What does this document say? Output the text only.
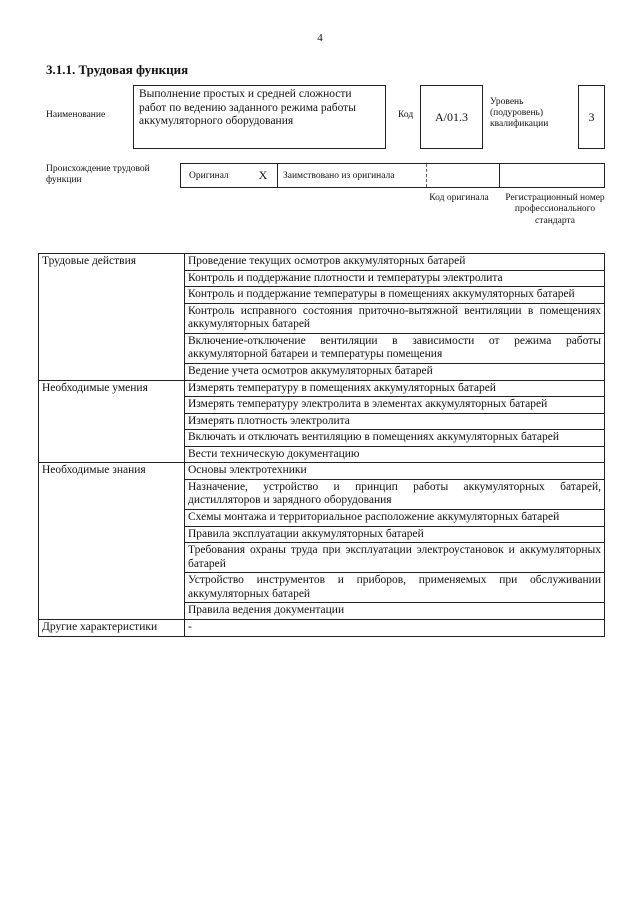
4
3.1.1. Трудовая функция
Наименование
Выполнение простых и средней сложности работ по ведению заданного режима работы аккумуляторного оборудования
Код	A/01.3
Уровень (подуровень) квалификации
3
Происхождение трудовой функции	Оригинал	X	Заимствовано из оригинала
Код оригинала Регистрационный номер профессионального стандарта
Трудовые действия	Проведение текущих осмотров аккумуляторных батарей
	Контроль и поддержание плотности и температуры электролита
	Контроль и поддержание температуры в помещениях аккумуляторных батарей
	Контроль исправного состояния приточно-вытяжной вентиляции в помещениях аккумуляторных батарей
	Включение-отключение вентиляции в зависимости от режима работы аккумуляторной батареи и температуры помещения
	Ведение учета осмотров аккумуляторных батарей
Необходимые умения	Измерять температуру в помещениях аккумуляторных батарей
	Измерять температуру электролита в элементах аккумуляторных батарей
	Измерять плотность электролита
	Включать и отключать вентиляцию в помещениях аккумуляторных батарей
	Вести техническую документацию
Необходимые знания	Основы электротехники
	Назначение, устройство и принцип работы аккумуляторных батарей, дистилляторов и зарядного оборудования
	Схемы монтажа и территориальное расположение аккумуляторных батарей
	Правила эксплуатации аккумуляторных батарей
	Требования охраны труда при эксплуатации электроустановок и аккумуляторных батарей
	Устройство инструментов и приборов, применяемых при обслуживании аккумуляторных батарей
	Правила ведения документации
Другие характеристики	-
